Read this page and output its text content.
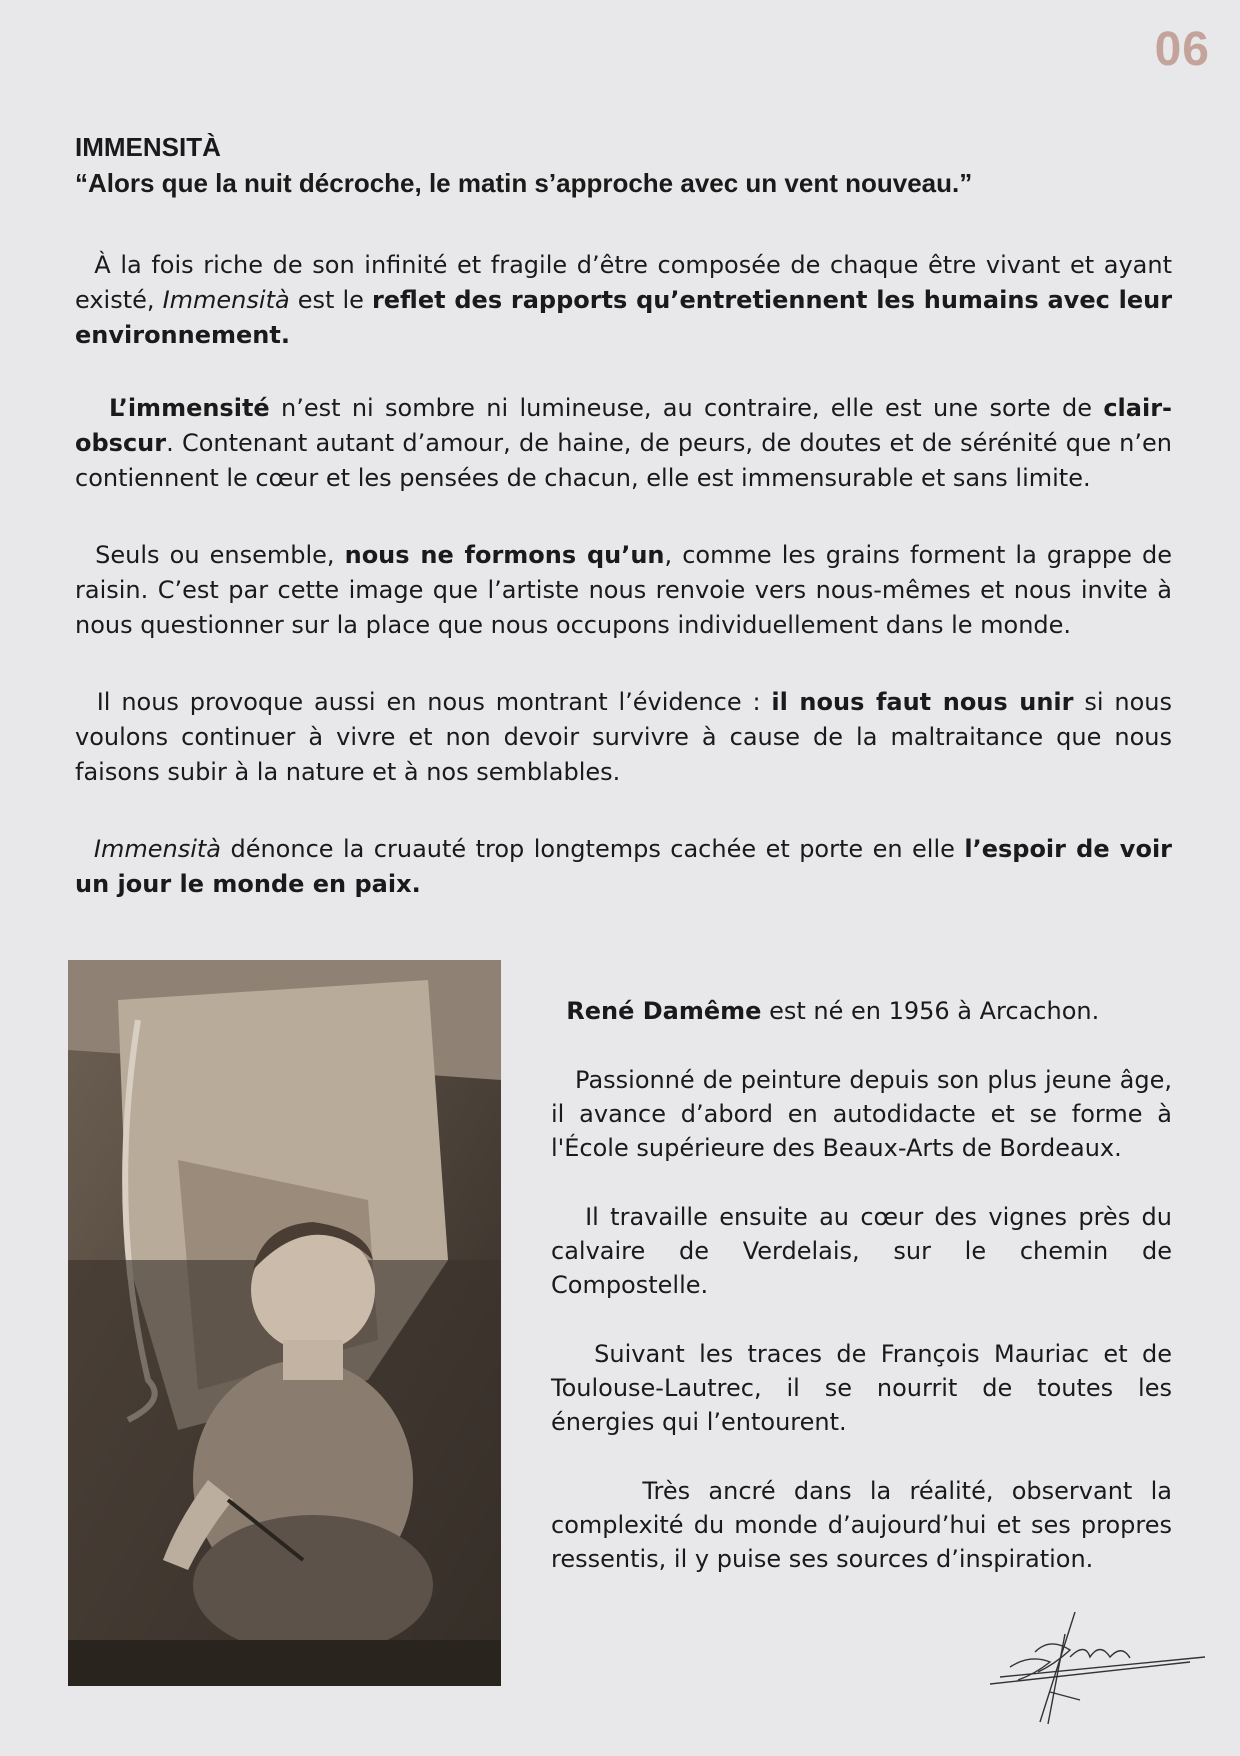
06
IMMENSITÀ
“Alors que la nuit décroche, le matin s’approche avec un vent nouveau.”

À la fois riche de son infinité et fragile d’être composée de chaque être vivant et ayant existé, Immensità est le reflet des rapports qu’entretiennent les humains avec leur environnement.

L’immensité n’est ni sombre ni lumineuse, au contraire, elle est une sorte de clair-obscur. Contenant autant d’amour, de haine, de peurs, de doutes et de sérénité que n’en contiennent le cœur et les pensées de chacun, elle est immensurable et sans limite.

Seuls ou ensemble, nous ne formons qu’un, comme les grains forment la grappe de raisin. C’est par cette image que l’artiste nous renvoie vers nous-mêmes et nous invite à nous questionner sur la place que nous occupons individuellement dans le monde.

Il nous provoque aussi en nous montrant l’évidence : il nous faut nous unir si nous voulons continuer à vivre et non devoir survivre à cause de la maltraitance que nous faisons subir à la nature et à nos semblables.

Immensità dénonce la cruauté trop longtemps cachée et porte en elle l’espoir de voir un jour le monde en paix.

René Damême est né en 1956 à Arcachon.

Passionné de peinture depuis son plus jeune âge, il avance d’abord en autodidacte et se forme à l'École supérieure des Beaux-Arts de Bordeaux.

Il travaille ensuite au cœur des vignes près du calvaire de Verdelais, sur le chemin de Compostelle.

Suivant les traces de François Mauriac et de Toulouse-Lautrec, il se nourrit de toutes les énergies qui l’entourent.

Très ancré dans la réalité, observant la complexité du monde d’aujourd’hui et ses propres ressentis, il y puise ses sources d’inspiration.
